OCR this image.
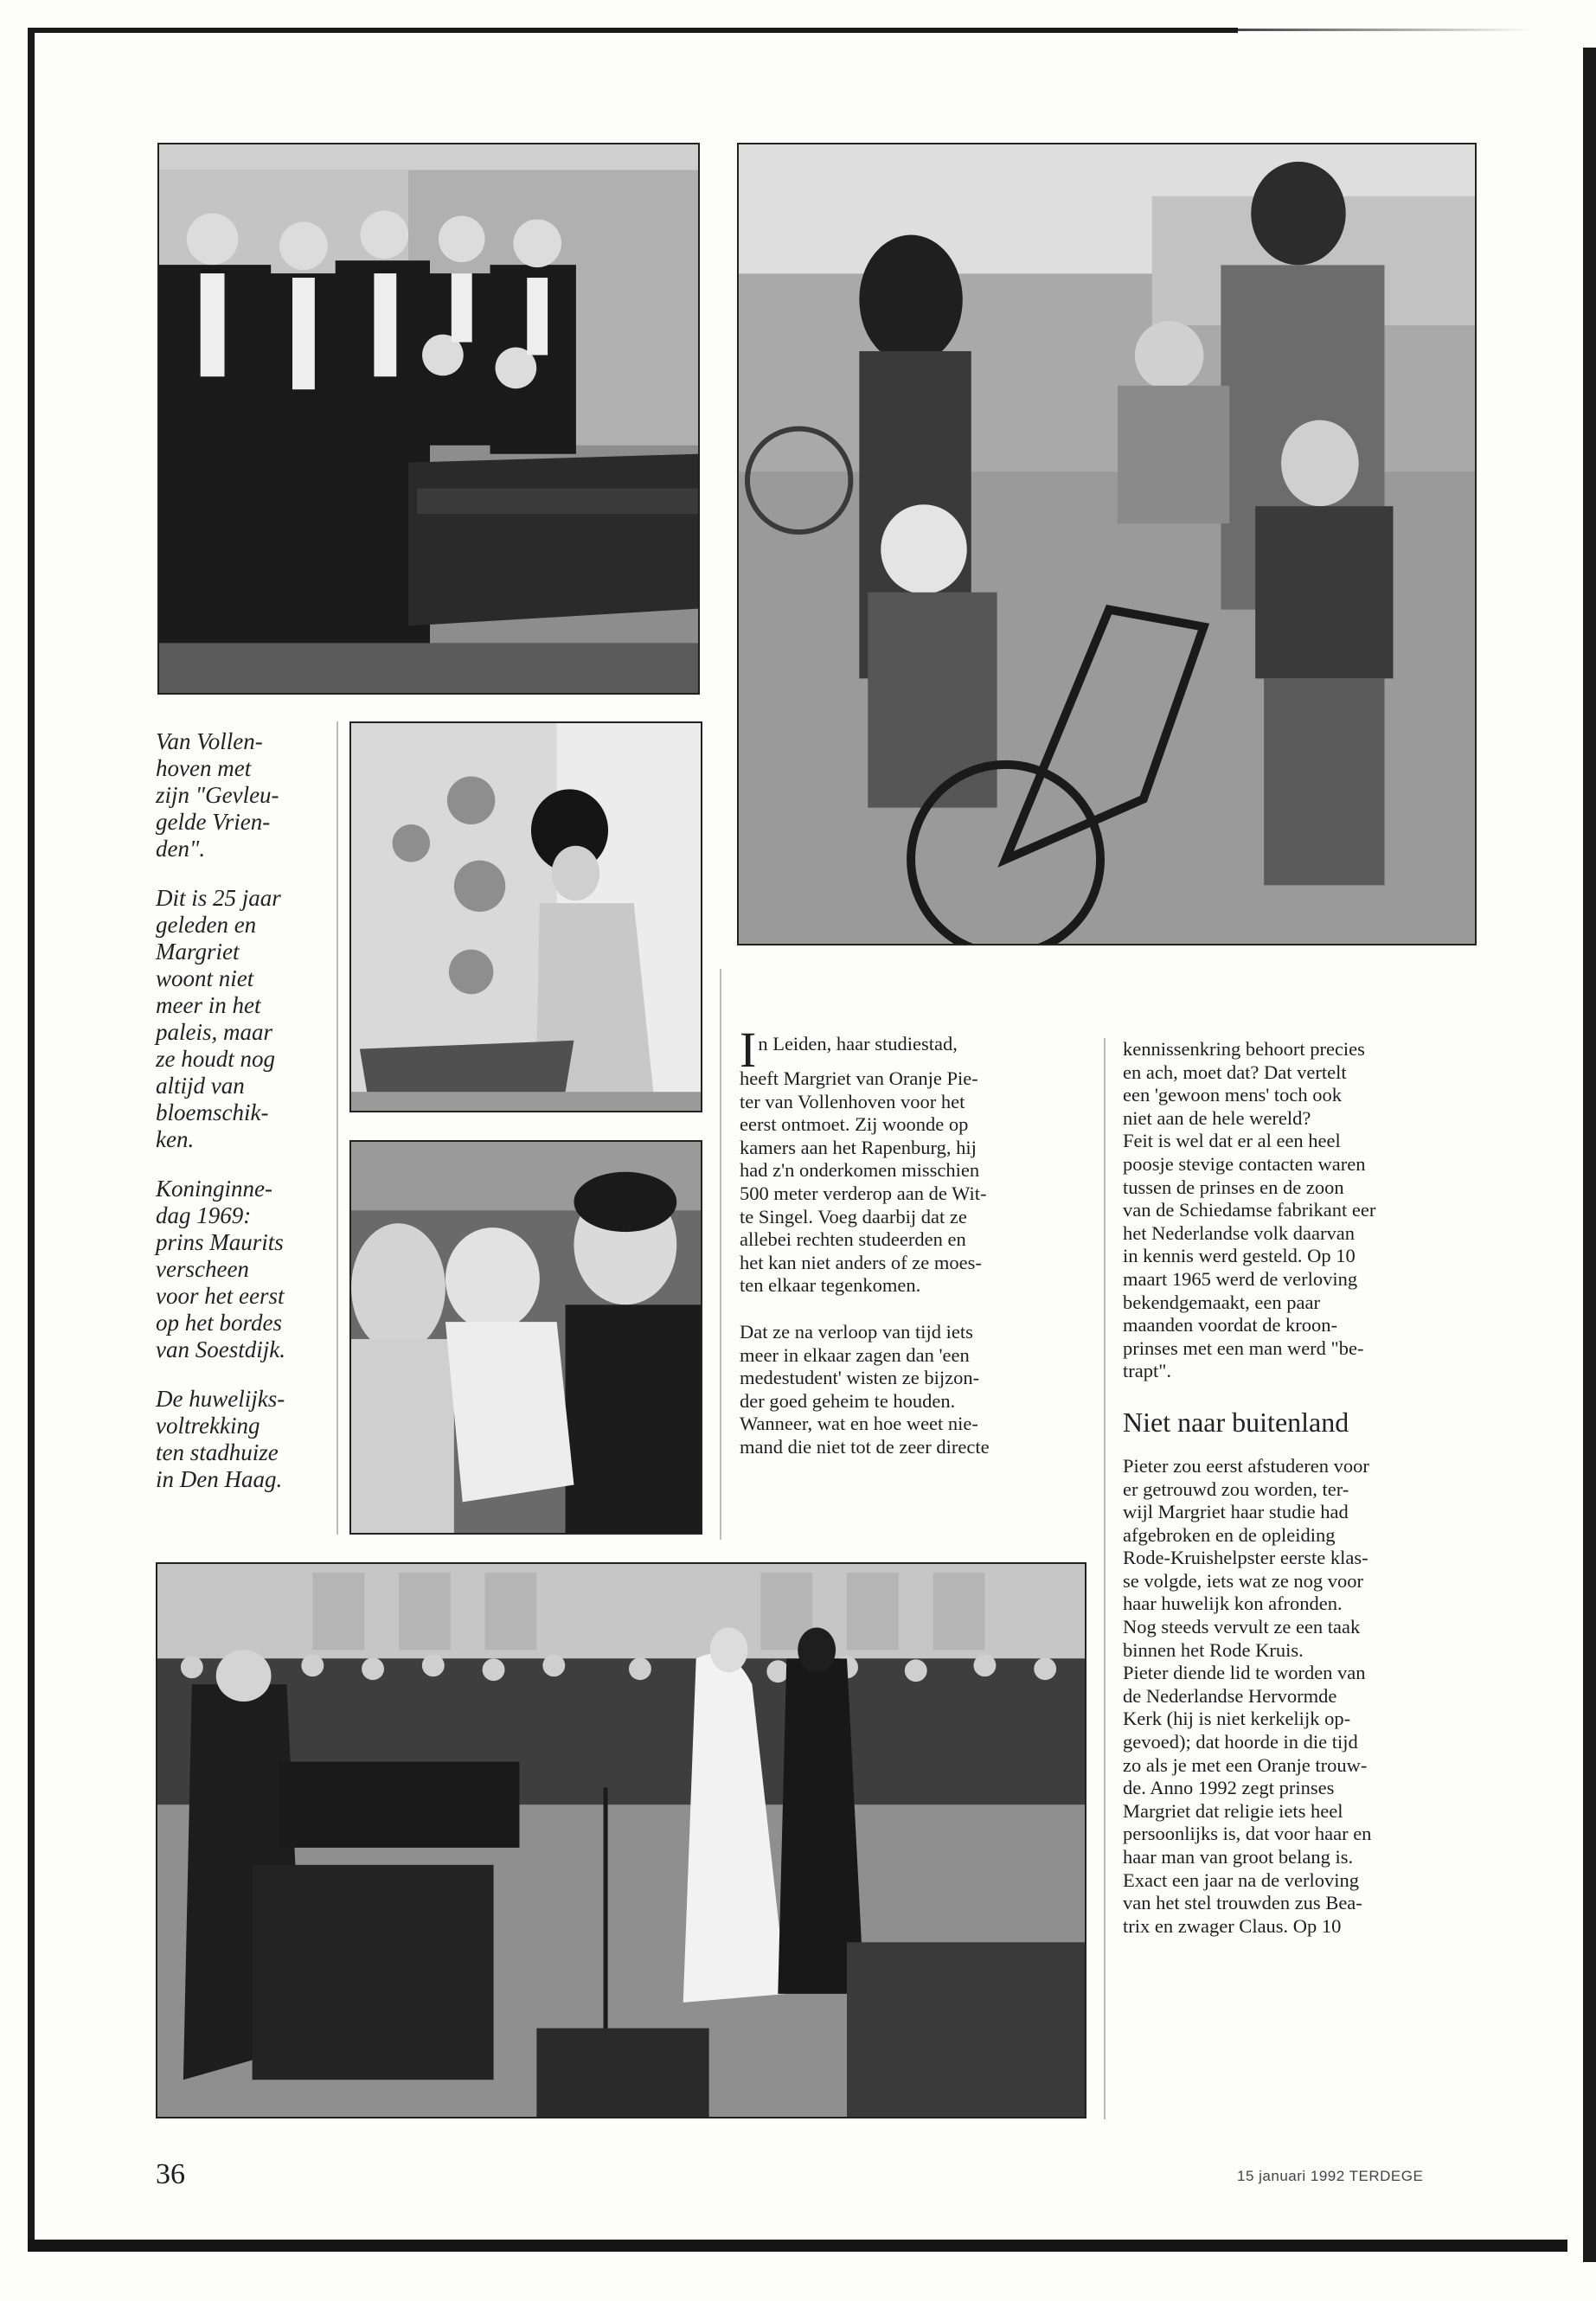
Van Vollen-
hoven met
zijn "Gevleu-
gelde Vrien-
den".

Dit is 25 jaar
geleden en
Margriet
woont niet
meer in het
paleis, maar
ze houdt nog
altijd van
bloemschik-
ken.

Koninginne-
dag 1969:
prins Maurits
verscheen
voor het eerst
op het bordes
van Soestdijk.

De huwelijks-
voltrekking
ten stadhuize
in Den Haag.

In Leiden, haar studiestad,
heeft Margriet van Oranje Pie-
ter van Vollenhoven voor het
eerst ontmoet. Zij woonde op
kamers aan het Rapenburg, hij
had z'n onderkomen misschien
500 meter verderop aan de Wit-
te Singel. Voeg daarbij dat ze
allebei rechten studeerden en
het kan niet anders of ze moes-
ten elkaar tegenkomen.

Dat ze na verloop van tijd iets
meer in elkaar zagen dan 'een
medestudent' wisten ze bijzon-
der goed geheim te houden.
Wanneer, wat en hoe weet nie-
mand die niet tot de zeer directe

kennissenkring behoort precies
en ach, moet dat? Dat vertelt
een 'gewoon mens' toch ook
niet aan de hele wereld?
Feit is wel dat er al een heel
poosje stevige contacten waren
tussen de prinses en de zoon
van de Schiedamse fabrikant eer
het Nederlandse volk daarvan
in kennis werd gesteld. Op 10
maart 1965 werd de verloving
bekendgemaakt, een paar
maanden voordat de kroon-
prinses met een man werd "be-
trapt".

Niet naar buitenland

Pieter zou eerst afstuderen voor
er getrouwd zou worden, ter-
wijl Margriet haar studie had
afgebroken en de opleiding
Rode-Kruishelpster eerste klas-
se volgde, iets wat ze nog voor
haar huwelijk kon afronden.
Nog steeds vervult ze een taak
binnen het Rode Kruis.
Pieter diende lid te worden van
de Nederlandse Hervormde
Kerk (hij is niet kerkelijk op-
gevoed); dat hoorde in die tijd
zo als je met een Oranje trouw-
de. Anno 1992 zegt prinses
Margriet dat religie iets heel
persoonlijks is, dat voor haar en
haar man van groot belang is.
Exact een jaar na de verloving
van het stel trouwden zus Bea-
trix en zwager Claus. Op 10

36	15 januari 1992 TERDEGE
